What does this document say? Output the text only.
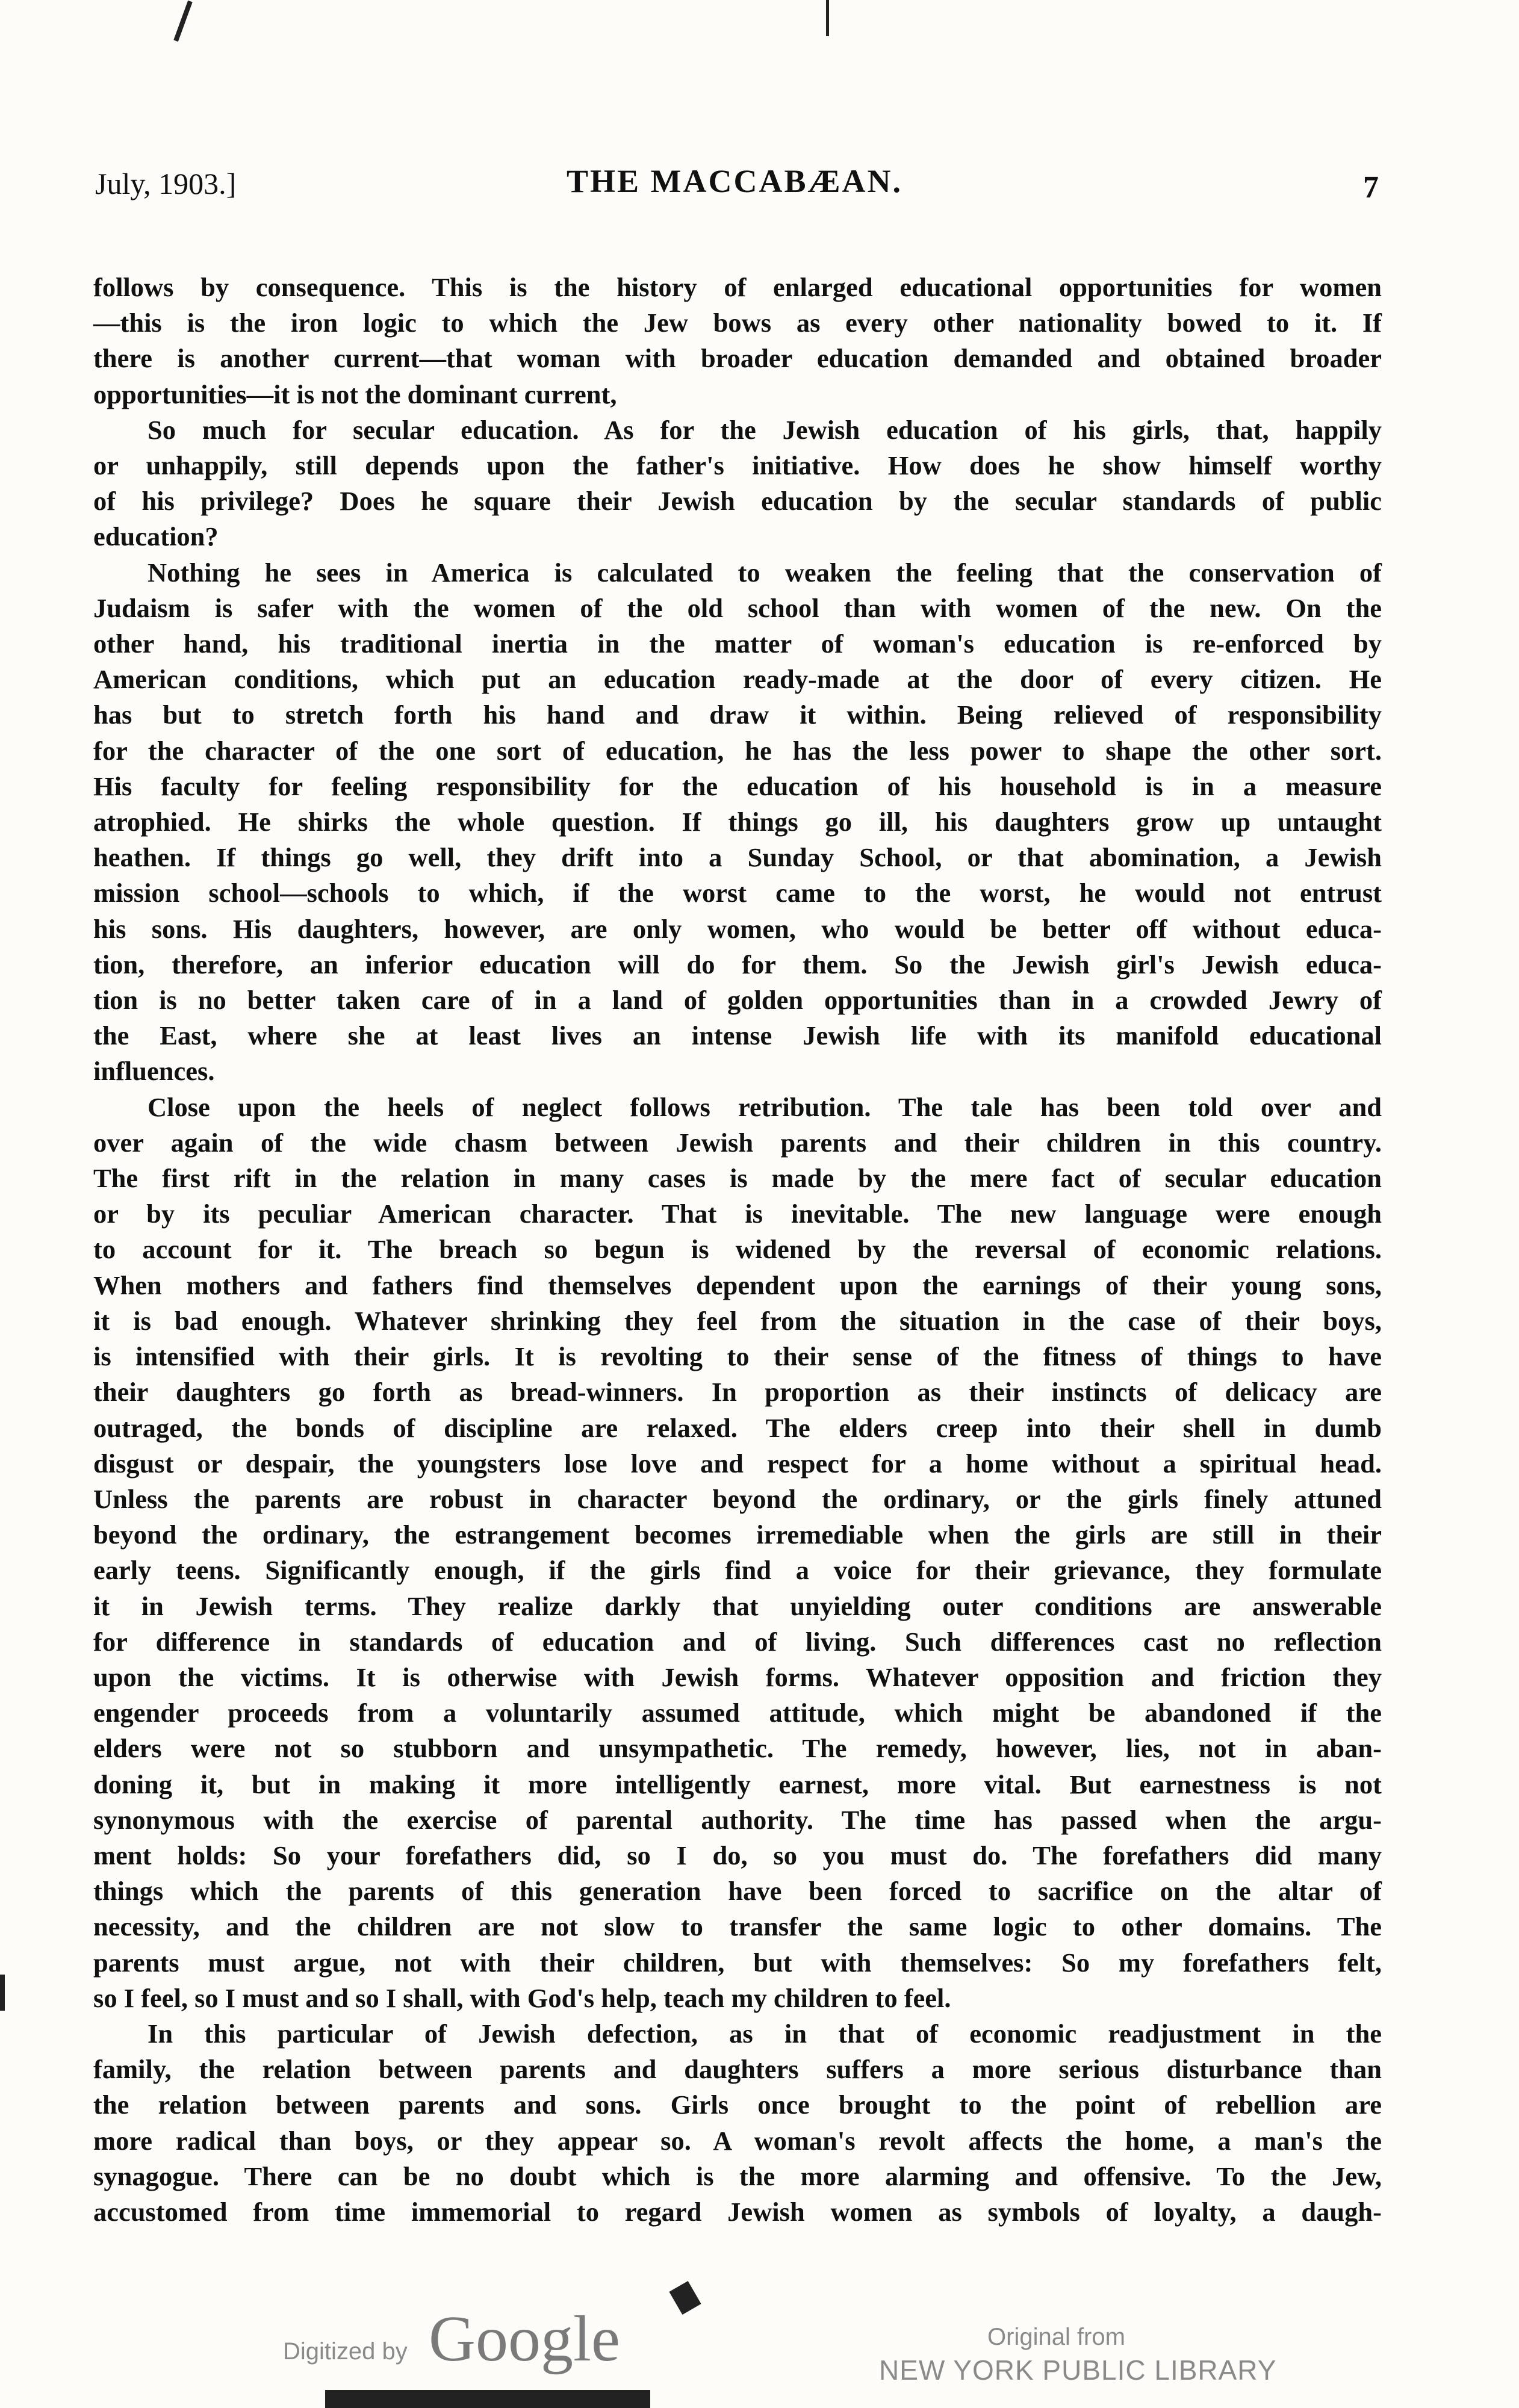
July, 1903.]	THE MACCABÆAN.	7
follows by consequence. This is the history of enlarged educational opportunities for women
—this is the iron logic to which the Jew bows as every other nationality bowed to it. If
there is another current—that woman with broader education demanded and obtained broader
opportunities—it is not the dominant current,
So much for secular education. As for the Jewish education of his girls, that, happily
or unhappily, still depends upon the father's initiative. How does he show himself worthy
of his privilege? Does he square their Jewish education by the secular standards of public
education?
Nothing he sees in America is calculated to weaken the feeling that the conservation of
Judaism is safer with the women of the old school than with women of the new. On the
other hand, his traditional inertia in the matter of woman's education is re-enforced by
American conditions, which put an education ready-made at the door of every citizen. He
has but to stretch forth his hand and draw it within. Being relieved of responsibility
for the character of the one sort of education, he has the less power to shape the other sort.
His faculty for feeling responsibility for the education of his household is in a measure
atrophied. He shirks the whole question. If things go ill, his daughters grow up untaught
heathen. If things go well, they drift into a Sunday School, or that abomination, a Jewish
mission school—schools to which, if the worst came to the worst, he would not entrust
his sons. His daughters, however, are only women, who would be better off without educa-
tion, therefore, an inferior education will do for them. So the Jewish girl's Jewish educa-
tion is no better taken care of in a land of golden opportunities than in a crowded Jewry of
the East, where she at least lives an intense Jewish life with its manifold educational
influences.
Close upon the heels of neglect follows retribution. The tale has been told over and
over again of the wide chasm between Jewish parents and their children in this country.
The first rift in the relation in many cases is made by the mere fact of secular education
or by its peculiar American character. That is inevitable. The new language were enough
to account for it. The breach so begun is widened by the reversal of economic relations.
When mothers and fathers find themselves dependent upon the earnings of their young sons,
it is bad enough. Whatever shrinking they feel from the situation in the case of their boys,
is intensified with their girls. It is revolting to their sense of the fitness of things to have
their daughters go forth as bread-winners. In proportion as their instincts of delicacy are
outraged, the bonds of discipline are relaxed. The elders creep into their shell in dumb
disgust or despair, the youngsters lose love and respect for a home without a spiritual head.
Unless the parents are robust in character beyond the ordinary, or the girls finely attuned
beyond the ordinary, the estrangement becomes irremediable when the girls are still in their
early teens. Significantly enough, if the girls find a voice for their grievance, they formulate
it in Jewish terms. They realize darkly that unyielding outer conditions are answerable
for difference in standards of education and of living. Such differences cast no reflection
upon the victims. It is otherwise with Jewish forms. Whatever opposition and friction they
engender proceeds from a voluntarily assumed attitude, which might be abandoned if the
elders were not so stubborn and unsympathetic. The remedy, however, lies, not in aban-
doning it, but in making it more intelligently earnest, more vital. But earnestness is not
synonymous with the exercise of parental authority. The time has passed when the argu-
ment holds: So your forefathers did, so I do, so you must do. The forefathers did many
things which the parents of this generation have been forced to sacrifice on the altar of
necessity, and the children are not slow to transfer the same logic to other domains. The
parents must argue, not with their children, but with themselves: So my forefathers felt,
so I feel, so I must and so I shall, with God's help, teach my children to feel.
In this particular of Jewish defection, as in that of economic readjustment in the
family, the relation between parents and daughters suffers a more serious disturbance than
the relation between parents and sons. Girls once brought to the point of rebellion are
more radical than boys, or they appear so. A woman's revolt affects the home, a man's the
synagogue. There can be no doubt which is the more alarming and offensive. To the Jew,
accustomed from time immemorial to regard Jewish women as symbols of loyalty, a daugh-
Digitized by Google	Original from
NEW YORK PUBLIC LIBRARY
